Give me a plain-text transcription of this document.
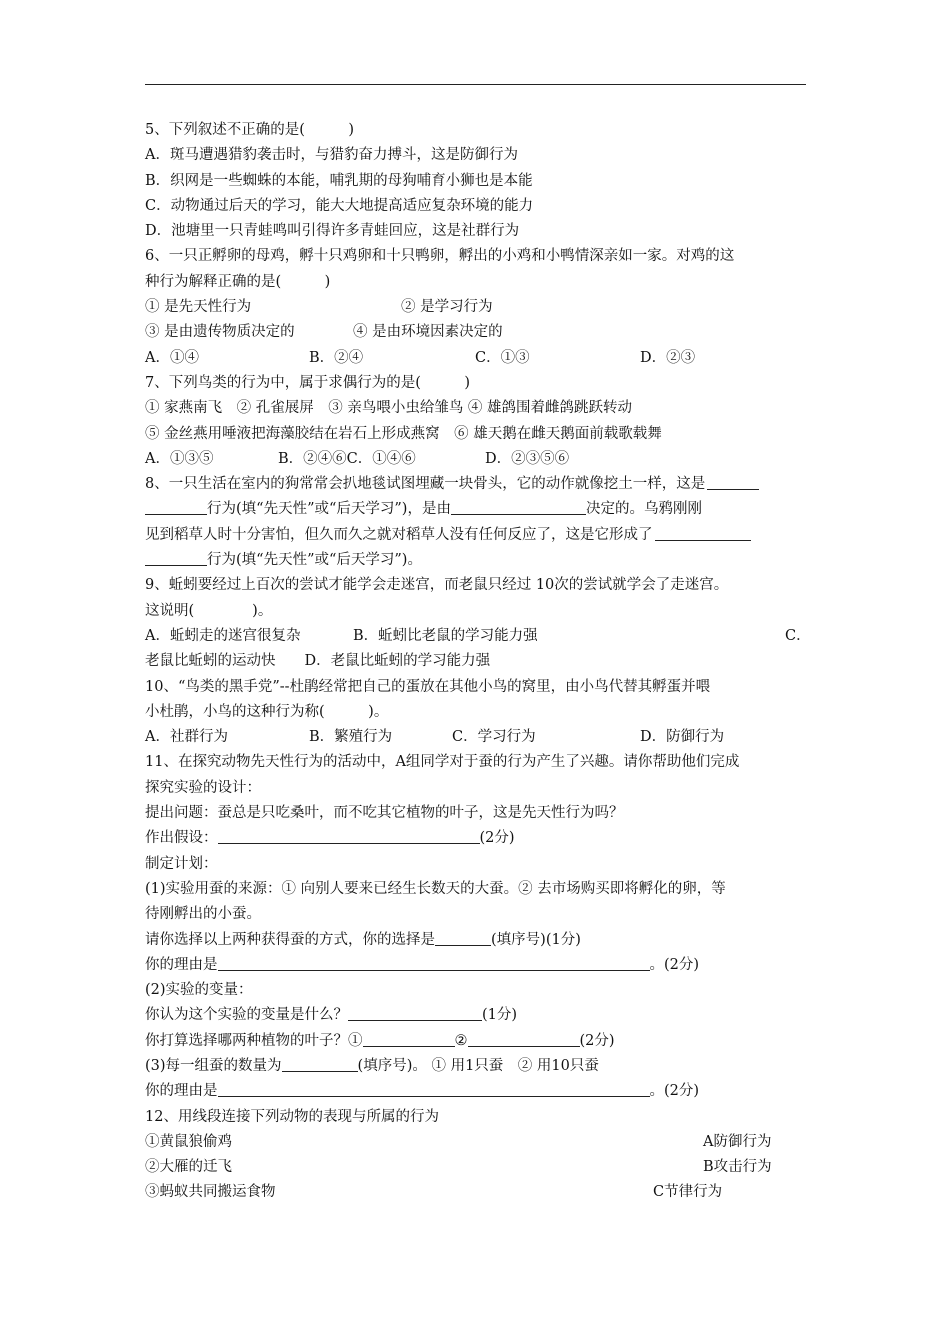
5、下列叙述不正确的是(　　　)
A．斑马遭遇猎豹袭击时，与猎豹奋力搏斗，这是防御行为
B．织网是一些蜘蛛的本能，哺乳期的母狗哺育小狮也是本能
C．动物通过后天的学习，能大大地提高适应复杂环境的能力
D．池塘里一只青蛙鸣叫引得许多青蛙回应，这是社群行为
6、一只正孵卵的母鸡，孵十只鸡卵和十只鸭卵，孵出的小鸡和小鸭情深亲如一家。对鸡的这
种行为解释正确的是(　　　)
① 是先天性行为	② 是学习行为
③ 是由遗传物质决定的	④ 是由环境因素决定的
A．①④	B．②④	C．①③	D．②③
7、下列鸟类的行为中，属于求偶行为的是(　　　)
① 家燕南飞　② 孔雀展屏　③ 亲鸟喂小虫给雏鸟 ④ 雄鸽围着雌鸽跳跃转动
⑤ 金丝燕用唾液把海藻胶结在岩石上形成燕窝　⑥ 雄天鹅在雌天鹅面前载歌载舞
A．①③⑤	B．②④⑥C．①④⑥	D．②③⑤⑥
8、一只生活在室内的狗常常会扒地毯试图埋藏一块骨头，它的动作就像挖土一样，这是
行为(填“先天性”或“后天学习”)，是由	决定的。乌鸦刚刚
见到稻草人时十分害怕，但久而久之就对稻草人没有任何反应了，这是它形成了
行为(填“先天性”或“后天学习”)。
9、蚯蚓要经过上百次的尝试才能学会走迷宫，而老鼠只经过 10次的尝试就学会了走迷宫。
这说明(　　　　)。
A．蚯蚓走的迷宫很复杂	B．蚯蚓比老鼠的学习能力强	C．
老鼠比蚯蚓的运动快　　D．老鼠比蚯蚓的学习能力强
10、“鸟类的黑手党”--杜鹃经常把自己的蛋放在其他小鸟的窝里，由小鸟代替其孵蛋并喂
小杜鹃，小鸟的这种行为称(　　　)。
A．社群行为	B．繁殖行为	C．学习行为	D．防御行为
11、在探究动物先天性行为的活动中，A组同学对于蚕的行为产生了兴趣。请你帮助他们完成
探究实验的设计：
提出问题：蚕总是只吃桑叶，而不吃其它植物的叶子，这是先天性行为吗？
作出假设：	(2分)
制定计划：
(1)实验用蚕的来源：① 向别人要来已经生长数天的大蚕。② 去市场购买即将孵化的卵，等
待刚孵出的小蚕。
请你选择以上两种获得蚕的方式，你的选择是	(填序号)(1分)
你的理由是	。(2分)
(2)实验的变量：
你认为这个实验的变量是什么？	(1分)
你打算选择哪两种植物的叶子？①	②	(2分)
(3)每一组蚕的数量为	(填序号)。 ① 用1只蚕　② 用10只蚕
你的理由是	。(2分)
12、用线段连接下列动物的表现与所属的行为
①黄鼠狼偷鸡	A防御行为
②大雁的迁飞	B攻击行为
③蚂蚁共同搬运食物	C节律行为
